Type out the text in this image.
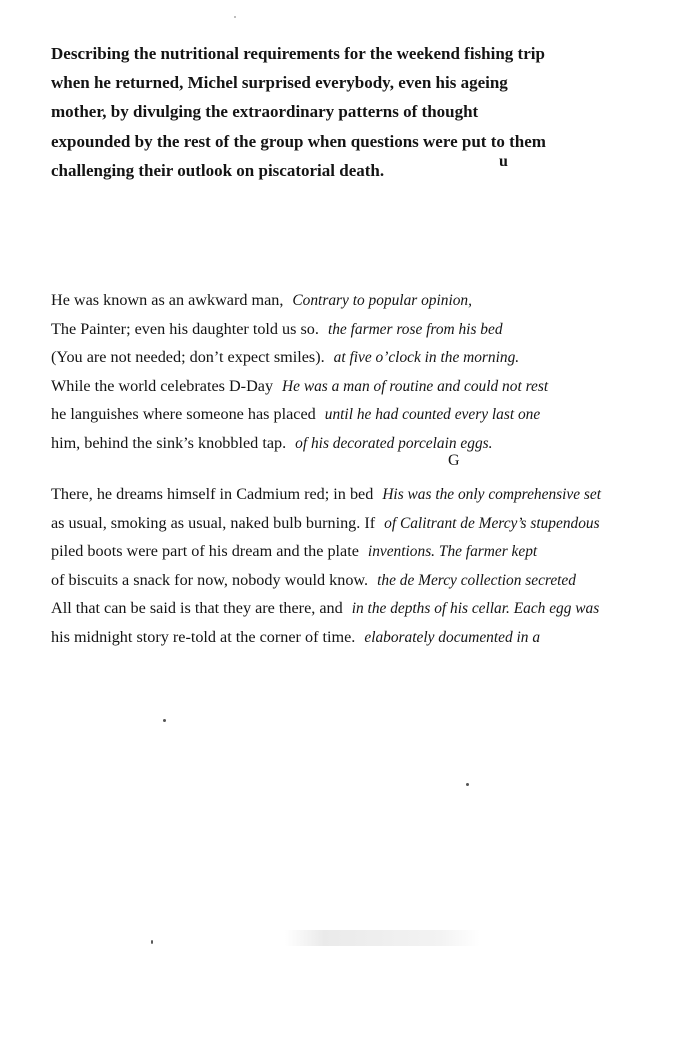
Describing the nutritional requirements for the weekend fishing trip
when he returned, Michel surprised everybody, even his ageing
mother, by divulging the extraordinary patterns of thought
expounded by the rest of the group when questions were put to them
challenging their outlook on piscatorial death.	u
He was known as an awkward man, Contrary to popular opinion,
The Painter; even his daughter told us so. the farmer rose from his bed
(You are not needed; don’t expect smiles). at five o’clock in the morning.
While the world celebrates D-Day He was a man of routine and could not rest
he languishes where someone has placed until he had counted every last one
him, behind the sink’s knobbled tap. of his decorated porcelain eggs.
G
There, he dreams himself in Cadmium red; in bed His was the only comprehensive set
as usual, smoking as usual, naked bulb burning. If of Calitrant de Mercy’s stupendous
piled boots were part of his dream and the plate inventions. The farmer kept
of biscuits a snack for now, nobody would know. the de Mercy collection secreted
All that can be said is that they are there, and in the depths of his cellar. Each egg was
his midnight story re-told at the corner of time. elaborately documented in a
